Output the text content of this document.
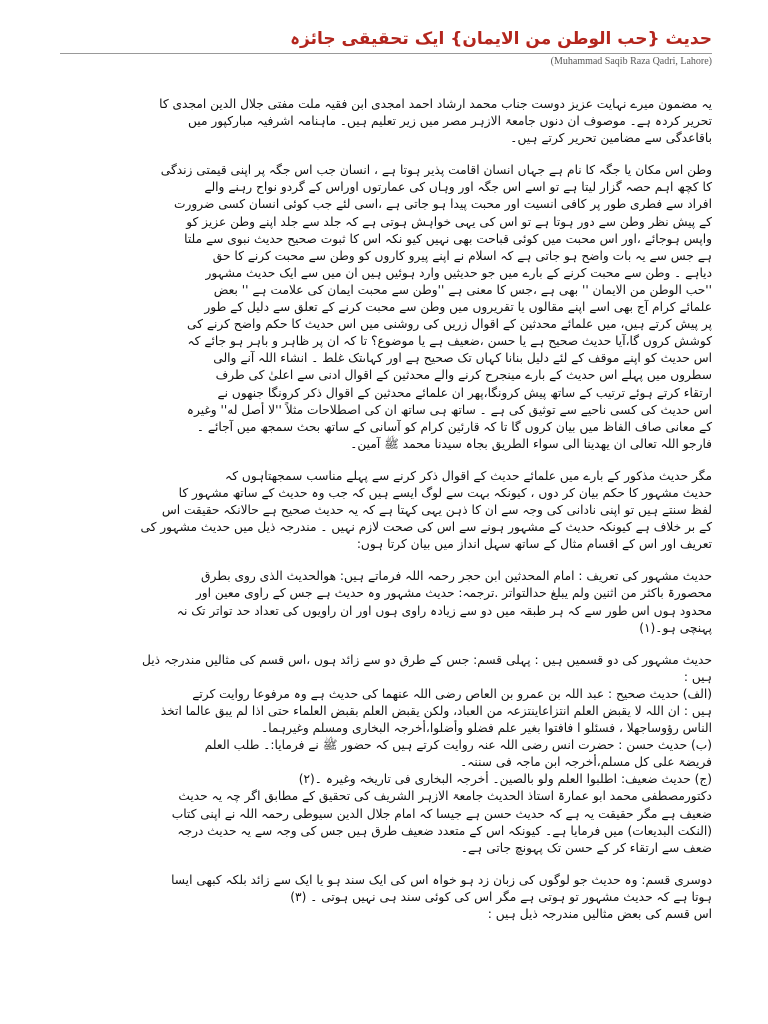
حدیث {حب الوطن من الایمان} ایک تحقیقی جائزہ
(Muhammad Saqib Raza Qadri, Lahore)

یہ مضمون میرے نہایت عزیز دوست جناب محمد ارشاد احمد امجدی ابن فقیہ ملت مفتی جلال الدین امجدی کا
تحریر کردہ ہے۔ موصوف ان دنوں جامعۃ الازہر مصر میں زیر تعلیم ہیں۔ ماہنامہ اشرفیہ مبارکپور میں
باقاعدگی سے مضامین تحریر کرتے ہیں۔

وطن اس مکان یا جگہ کا نام ہے جہاں انسان اقامت پذیر ہوتا ہے ، انسان جب اس جگہ پر اپنی قیمتی زندگی
کا کچھ اہم حصہ گزار لیتا ہے تو اسے اس جگہ اور وہاں کی عمارتوں اوراس کے گردو نواح رہنے والے
افراد سے فطری طور پر کافی انسیت اور محبت پیدا ہو جاتی ہے ،اسی لئے جب کوئی انسان کسی ضرورت
کے پیش نظر وطن سے دور ہوتا ہے تو اس کی یہی خواہش ہوتی ہے کہ جلد سے جلد اپنے وطن عزیز کو
واپس ہوجائے ،اور اس محبت میں کوئی قباحت بھی نہیں کیو نکہ اس کا ثبوت صحیح حدیث نبوی سے ملتا
ہے جس سے یہ بات واضح ہو جاتی ہے کہ اسلام نے اپنے پیرو کاروں کو وطن سے محبت کرنے کا حق
دیاہے ۔ وطن سے محبت کرنے کے بارے میں جو حدیثیں وارد ہوئیں ہیں ان میں سے ایک حدیث مشہور
''حب الوطن من الایمان '' بھی ہے ،جس کا معنی ہے ''وطن سے محبت ایمان کی علامت ہے '' بعض
علمائے کرام آج بھی اسے اپنے مقالوں یا تقریروں میں وطن سے محبت کرنے کے تعلق سے دلیل کے طور
پر پیش کرتے ہیں، میں علمائے محدثین کے اقوال زریں کی روشنی میں اس حدیث کا حکم واضح کرنے کی
کوشش کروں گا،آیا حدیث صحیح ہے یا حسن ،ضعیف ہے یا موضوع؟ تا کہ ان پر ظاہر و باہر ہو جائے کہ
اس حدیث کو اپنے موقف کے لئے دلیل بنانا کہاں تک صحیح ہے اور کہاںتک غلط ۔ انشاء اللہ آنے والی
سطروں میں پہلے اس حدیث کے بارے مینجرح کرنے والے محدثین کے اقوال ادنی سے اعلیٰ کی طرف
ارتقاء کرتے ہوئے ترتیب کے ساتھ پیش کرونگا،پھر ان علمائے محدثین کے اقوال ذکر کرونگا جنھوں نے
اس حدیث کی کسی ناحیے سے توثیق کی ہے ۔ ساتھ ہی ساتھ ان کی اصطلاحات مثلاً ''لا أصل له'' وغیرہ
کے معانی صاف الفاظ میں بیان کروں گا تا کہ قارئین کرام کو آسانی کے ساتھ بحث سمجھ میں آجائے ۔
فارجو اللہ تعالی ان یھدینا الی سواء الطریق بجاہ سیدنا محمد ﷺ آمین۔

مگر حدیث مذکور کے بارے میں علمائے حدیث کے اقوال ذکر کرنے سے پہلے مناسب سمجھتاہوں کہ
حدیث مشہور کا حکم بیان کر دوں ، کیونکہ بہت سے لوگ ایسے ہیں کہ جب وہ حدیث کے ساتھ مشہور کا
لفظ سنتے ہیں تو اپنی نادانی کی وجہ سے ان کا ذہن یہی کہتا ہے کہ یہ حدیث صحیح ہے حالانکہ حقیقت اس
کے بر خلاف ہے کیونکہ حدیث کے مشہور ہونے سے اس کی صحت لازم نہیں ۔ مندرجہ ذیل میں حدیث مشہور کی
تعریف اور اس کے اقسام مثال کے ساتھ سہل انداز میں بیان کرتا ہوں:

حدیث مشہور کی تعریف : امام المحدثین ابن حجر رحمہ اللہ فرماتے ہیں: ھوالحدیث الذی روی بطرق
محصورۃ باکثر من اثنین ولم یبلغ حدالتواتر .ترجمہ: حدیث مشہور وہ حدیث ہے جس کے راوی معین اور
محدود ہوں اس طور سے کہ ہر طبقہ میں دو سے زیادہ راوی ہوں اور ان راویوں کی تعداد حد تواتر تک نہ
پہنچی ہو۔(۱)

حدیث مشہور کی دو قسمیں ہیں : پہلی قسم: جس کے طرق دو سے زائد ہوں ،اس قسم کی مثالیں مندرجہ ذیل
ہیں :
(الف) حدیث صحیح : عبد اللہ بن عمرو بن العاص رضی اللہ عنھما کی حدیث ہے وہ مرفوعا روایت کرتے
ہیں : ان اللہ لا یقبض العلم انتزاعاینتزعہ من العباد، ولکن یقبض العلم بقبض العلماء حتی اذا لم یبق عالما اتخذ
الناس رؤوساجھلا ، فسئلو ا فافتوا بغیر علم فضلو وأضلوا،أخرجہ البخاری ومسلم وغیرہما۔
(ب) حدیث حسن : حضرت انس رضی اللہ عنہ روایت کرتے ہیں کہ حضور ﷺ نے فرمایا:۔ طلب العلم
فریضۃ علی کل مسلم،أخرجہ ابن ماجہ فی سننہ۔
(ج) حدیث ضعیف: اطلبوا العلم ولو بالصین۔ أخرجہ البخاری فی تاریخہ وغیرہ ۔(۲)
دکتورمصطفی محمد ابو عمارۃ استاذ الحدیث جامعۃ الازہر الشریف کی تحقیق کے مطابق اگر چہ یہ حدیث
ضعیف ہے مگر حقیقت یہ ہے کہ حدیث حسن ہے جیسا کہ امام جلال الدین سیوطی رحمہ اللہ نے اپنی کتاب
(النکت البدیعات) میں فرمایا ہے۔ کیونکہ اس کے متعدد ضعیف طرق ہیں جس کی وجہ سے یہ حدیث درجہ
ضعف سے ارتقاء کر کے حسن تک پہونچ جاتی ہے۔

دوسری قسم: وہ حدیث جو لوگوں کی زبان زد ہو خواہ اس کی ایک سند ہو یا ایک سے زائد بلکہ کبھی ایسا
ہوتا ہے کہ حدیث مشہور تو ہوتی ہے مگر اس کی کوئی سند ہی نہیں ہوتی ۔ (۳)
اس قسم کی بعض مثالیں مندرجہ ذیل ہیں :
